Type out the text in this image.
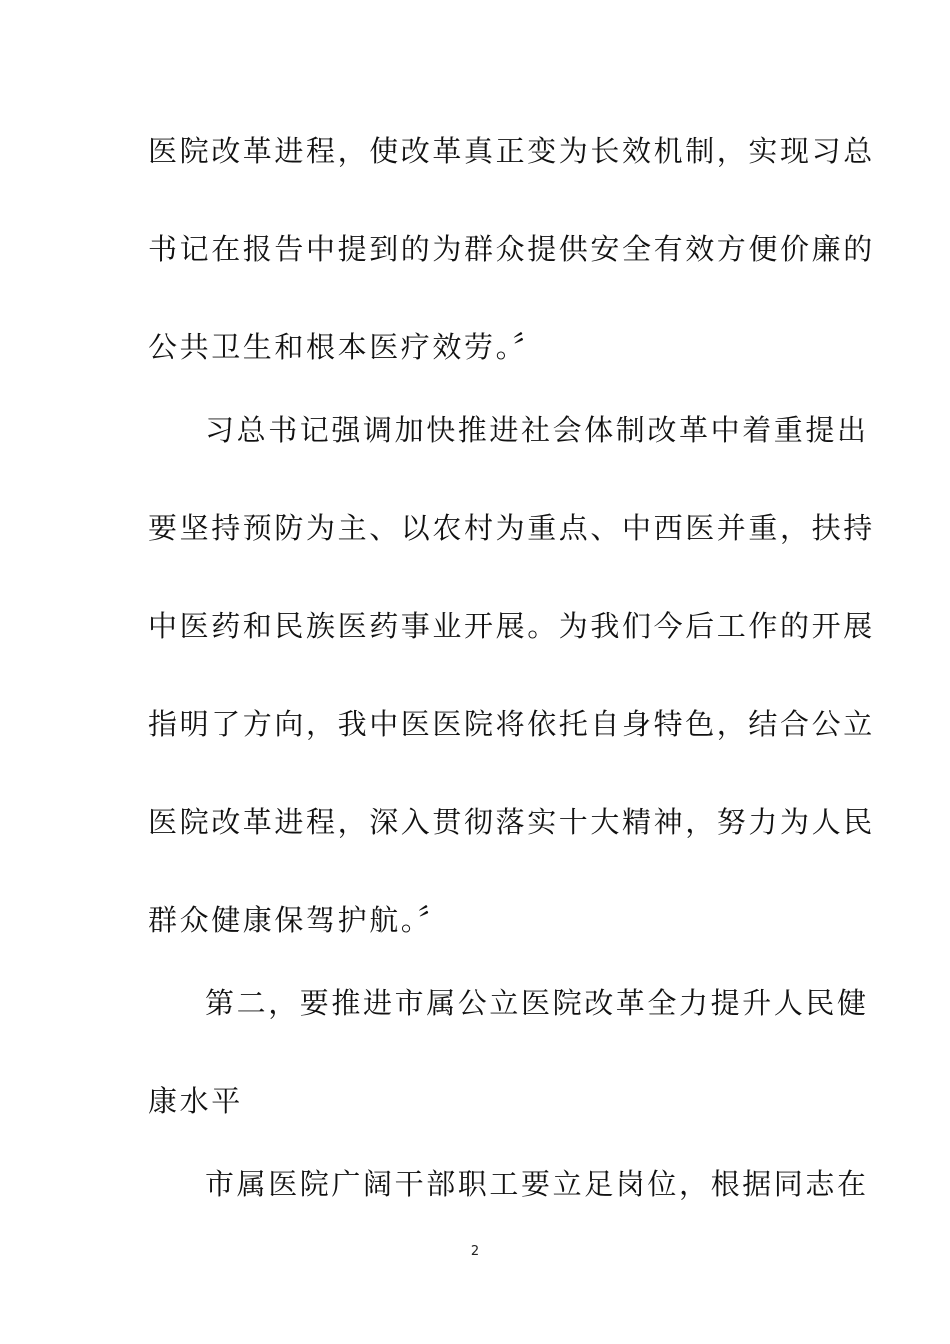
医院改革进程，使改革真正变为长效机制，实现习总
书记在报告中提到的为群众提供安全有效方便价廉的
公共卫生和根本医疗效劳。〞
习总书记强调加快推进社会体制改革中着重提出
要坚持预防为主、以农村为重点、中西医并重，扶持
中医药和民族医药事业开展。为我们今后工作的开展
指明了方向，我中医医院将依托自身特色，结合公立
医院改革进程，深入贯彻落实十大精神，努力为人民
群众健康保驾护航。〞
第二，要推进市属公立医院改革全力提升人民健
康水平
市属医院广阔干部职工要立足岗位，根据同志在
2
